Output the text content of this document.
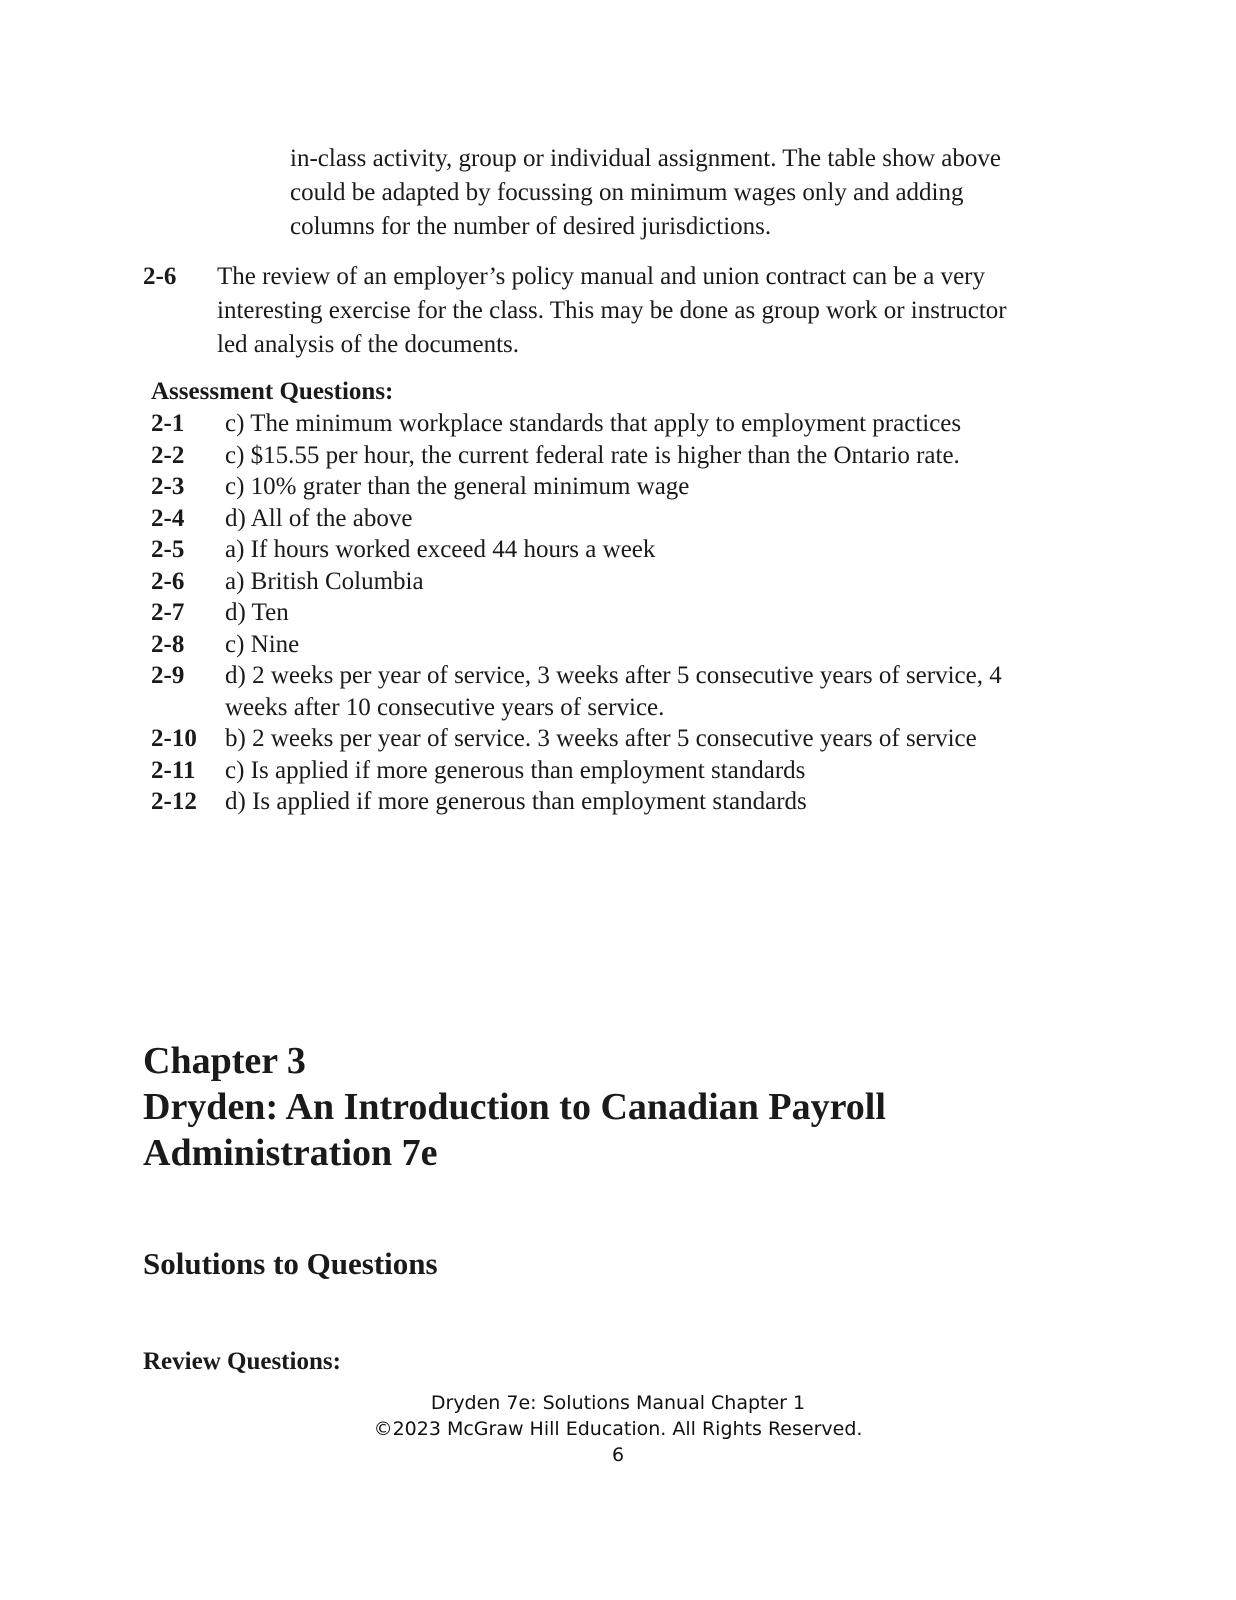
in-class activity, group or individual assignment. The table show above
could be adapted by focussing on minimum wages only and adding
columns for the number of desired jurisdictions.
2-6 The review of an employer’s policy manual and union contract can be a very
interesting exercise for the class. This may be done as group work or instructor
led analysis of the documents.
Assessment Questions:
2-1	c) The minimum workplace standards that apply to employment practices
2-2	c) $15.55 per hour, the current federal rate is higher than the Ontario rate.
2-3	c) 10% grater than the general minimum wage
2-4	d) All of the above
2-5	a) If hours worked exceed 44 hours a week
2-6	a) British Columbia
2-7	d) Ten
2-8	c) Nine
2-9	d) 2 weeks per year of service, 3 weeks after 5 consecutive years of service, 4
weeks after 10 consecutive years of service.
2-10	b) 2 weeks per year of service. 3 weeks after 5 consecutive years of service
2-11	c) Is applied if more generous than employment standards
2-12	d) Is applied if more generous than employment standards
Chapter 3
Dryden: An Introduction to Canadian Payroll
Administration 7e
Solutions to Questions
Review Questions:
Dryden 7e: Solutions Manual Chapter 1
©2023 McGraw Hill Education. All Rights Reserved.
6
